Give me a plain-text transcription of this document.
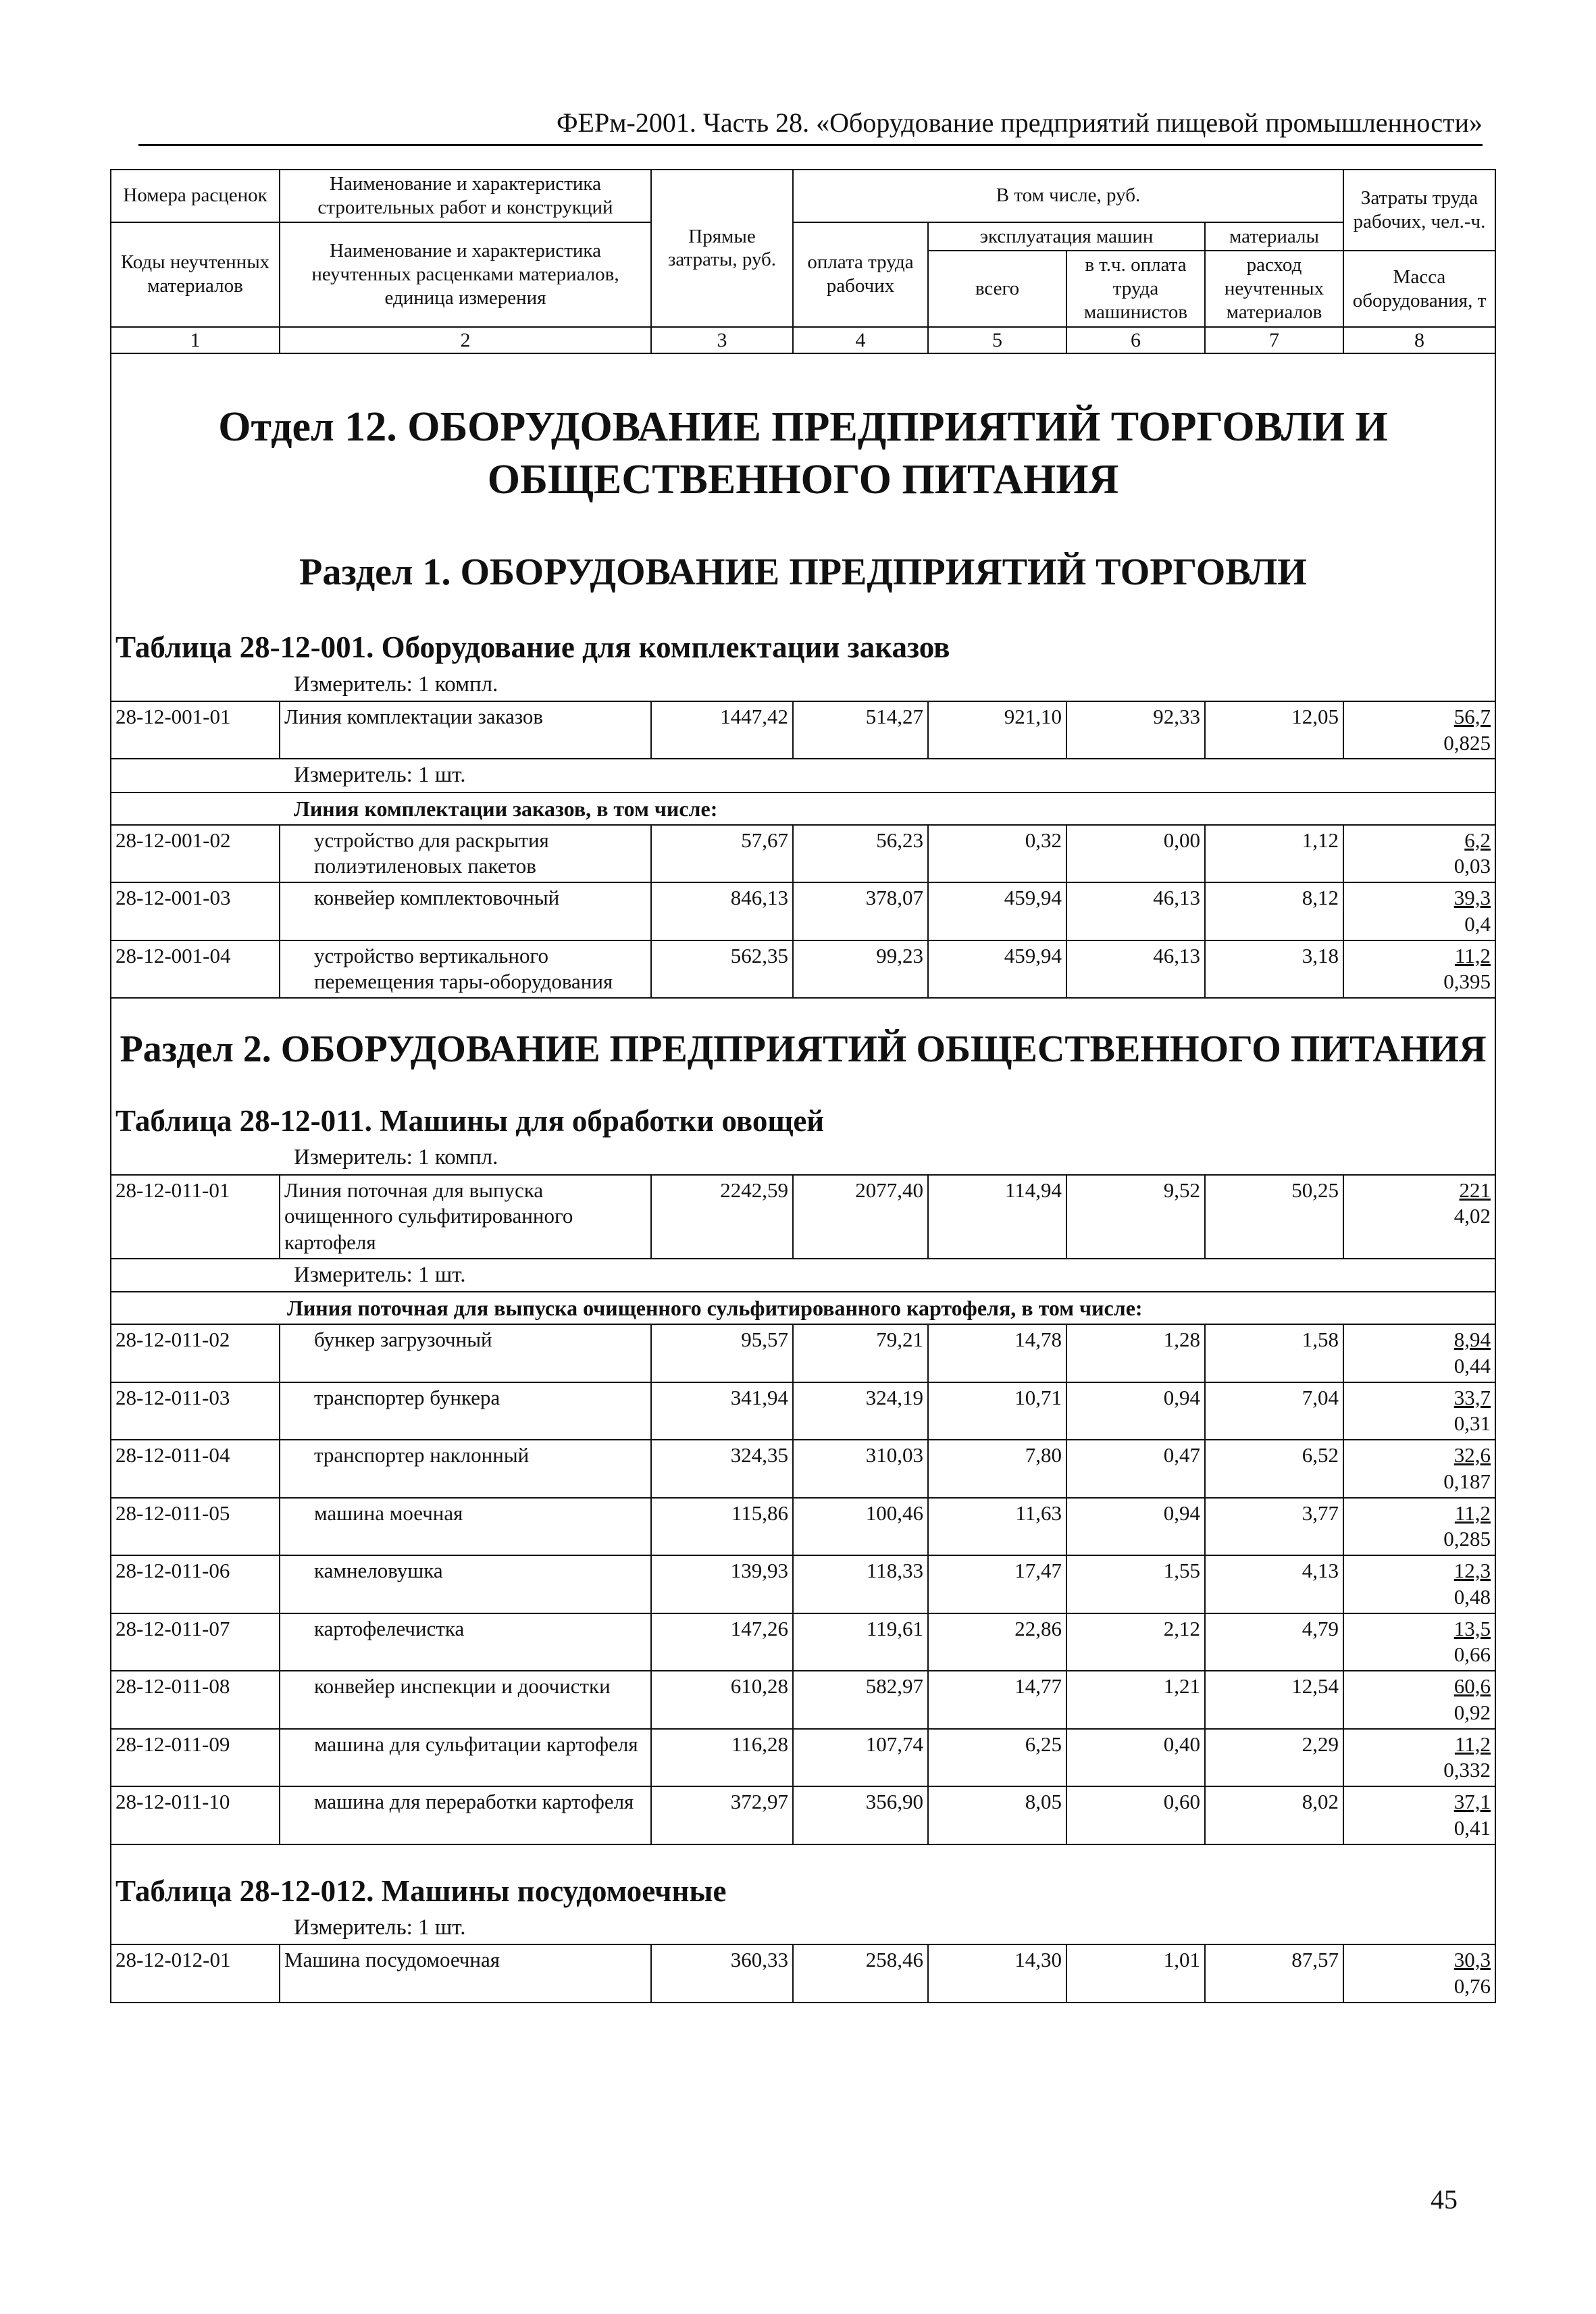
ФЕРм-2001. Часть 28. «Оборудование предприятий пищевой промышленности»
Номера расценок	Наименование и характеристика строительных работ и конструкций	Прямые затраты, руб.	В том числе, руб.				Затраты труда рабочих, чел.-ч.
Коды неучтенных материалов	Наименование и характеристика неучтенных расценками материалов, единица измерения		оплата труда рабочих	эксплуатация машин		материалы	
				всего	в т.ч. оплата труда машинистов	расход неучтенных материалов	Масса оборудования, т
1	2	3	4	5	6	7	8
Отдел 12. ОБОРУДОВАНИЕ ПРЕДПРИЯТИЙ ТОРГОВЛИ И ОБЩЕСТВЕННОГО ПИТАНИЯ							
Раздел 1. ОБОРУДОВАНИЕ ПРЕДПРИЯТИЙ ТОРГОВЛИ							
Таблица 28-12-001. Оборудование для комплектации заказов							
Измеритель: 1 компл.							
28-12-001-01	Линия комплектации заказов	1447,42	514,27	921,10	92,33	12,05	56,7
0,825
Измеритель: 1 шт.							
Линия комплектации заказов, в том числе:							
28-12-001-02	устройство для раскрытия полиэтиленовых пакетов	57,67	56,23	0,32	0,00	1,12	6,2
0,03
28-12-001-03	конвейер комплектовочный	846,13	378,07	459,94	46,13	8,12	39,3
0,4
28-12-001-04	устройство вертикального перемещения тары-оборудования	562,35	99,23	459,94	46,13	3,18	11,2
0,395
Раздел 2. ОБОРУДОВАНИЕ ПРЕДПРИЯТИЙ ОБЩЕСТВЕННОГО ПИТАНИЯ							
Таблица 28-12-011. Машины для обработки овощей							
Измеритель: 1 компл.							
28-12-011-01	Линия поточная для выпуска очищенного сульфитированного картофеля	2242,59	2077,40	114,94	9,52	50,25	221
4,02
Измеритель: 1 шт.							
Линия поточная для выпуска очищенного сульфитированного картофеля, в том числе:							
28-12-011-02	бункер загрузочный	95,57	79,21	14,78	1,28	1,58	8,94
0,44
28-12-011-03	транспортер бункера	341,94	324,19	10,71	0,94	7,04	33,7
0,31
28-12-011-04	транспортер наклонный	324,35	310,03	7,80	0,47	6,52	32,6
0,187
28-12-011-05	машина моечная	115,86	100,46	11,63	0,94	3,77	11,2
0,285
28-12-011-06	камнеловушка	139,93	118,33	17,47	1,55	4,13	12,3
0,48
28-12-011-07	картофелечистка	147,26	119,61	22,86	2,12	4,79	13,5
0,66
28-12-011-08	конвейер инспекции и доочистки	610,28	582,97	14,77	1,21	12,54	60,6
0,92
28-12-011-09	машина для сульфитации картофеля	116,28	107,74	6,25	0,40	2,29	11,2
0,332
28-12-011-10	машина для переработки картофеля	372,97	356,90	8,05	0,60	8,02	37,1
0,41
Таблица 28-12-012. Машины посудомоечные							
Измеритель: 1 шт.							
28-12-012-01	Машина посудомоечная	360,33	258,46	14,30	1,01	87,57	30,3
0,76
45
